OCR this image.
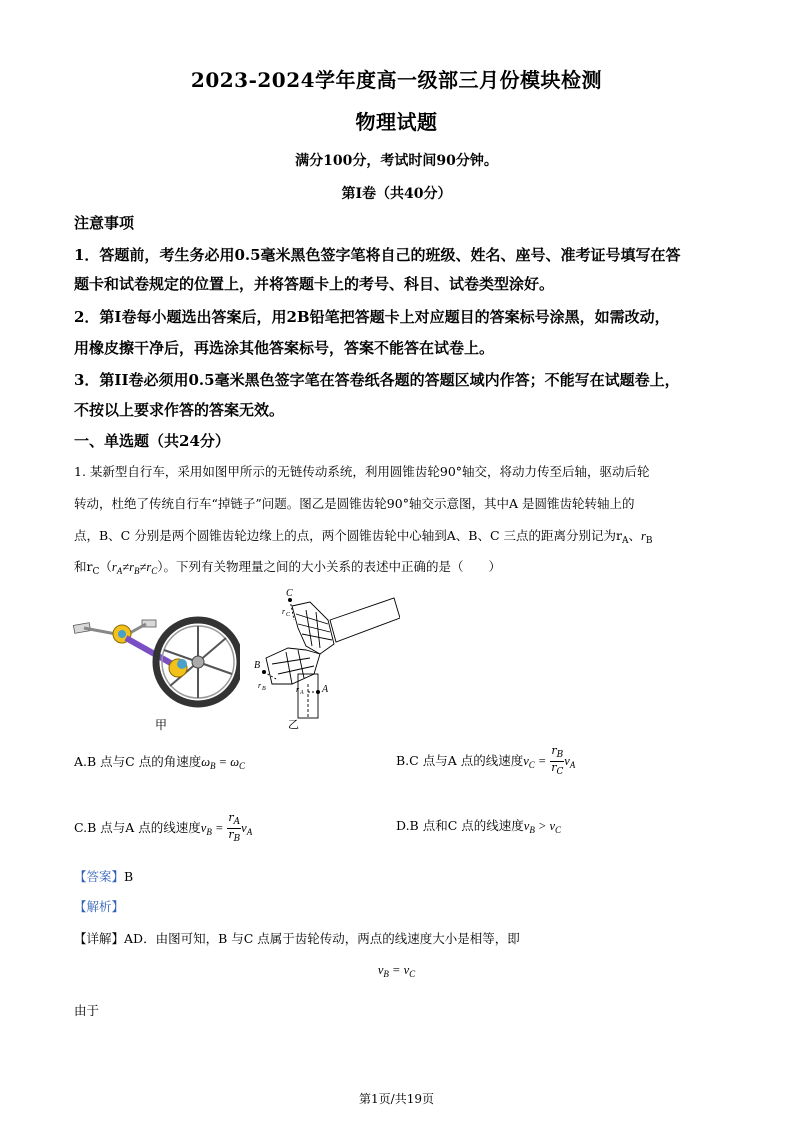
2023-2024学年度高一级部三月份模块检测
物理试题
满分100分，考试时间90分钟。
第I卷（共40分）
注意事项
1．答题前，考生务必用0.5毫米黑色签字笔将自己的班级、姓名、座号、准考证号填写在答
题卡和试卷规定的位置上，并将答题卡上的考号、科目、试卷类型涂好。
2．第I卷每小题选出答案后，用2B铅笔把答题卡上对应题目的答案标号涂黑，如需改动，
用橡皮擦干净后，再选涂其他答案标号，答案不能答在试卷上。
3．第II卷必须用0.5毫米黑色签字笔在答卷纸各题的答题区域内作答；不能写在试题卷上，
不按以上要求作答的答案无效。
一、单选题（共24分）
1. 某新型自行车，采用如图甲所示的无链传动系统，利用圆锥齿轮90°轴交，将动力传至后轴，驱动后轮
转动，杜绝了传统自行车“掉链子”问题。图乙是圆锥齿轮90°轴交示意图，其中A 是圆锥齿轮转轴上的
点，B、C 分别是两个圆锥齿轮边缘上的点，两个圆锥齿轮中心轴到A、B、C 三点的距离分别记为$r_A$、$r_B$
和$r_C(r_A\ne r_B\ne r_C)$。下列有关物理量之间的大小关系的表述中正确的是（　　）
甲
C
r C
B
r B	r A A
乙
A.B 点与C 点的角速度$\omega_B = \omega_C$	B.C 点与A 点的线速度$v_C = \frac{r_B}{r_C} v_A$
C.B 点与A 点的线速度$v_B = \frac{r_A}{r_B} v_A$	D.B 点和C 点的线速度$v_B > v_C$
【答案】B
【解析】
【详解】AD．由图可知，B 与C 点属于齿轮传动，两点的线速度大小是相等，即
$v_B = v_C$
由于
第1页/共19页
